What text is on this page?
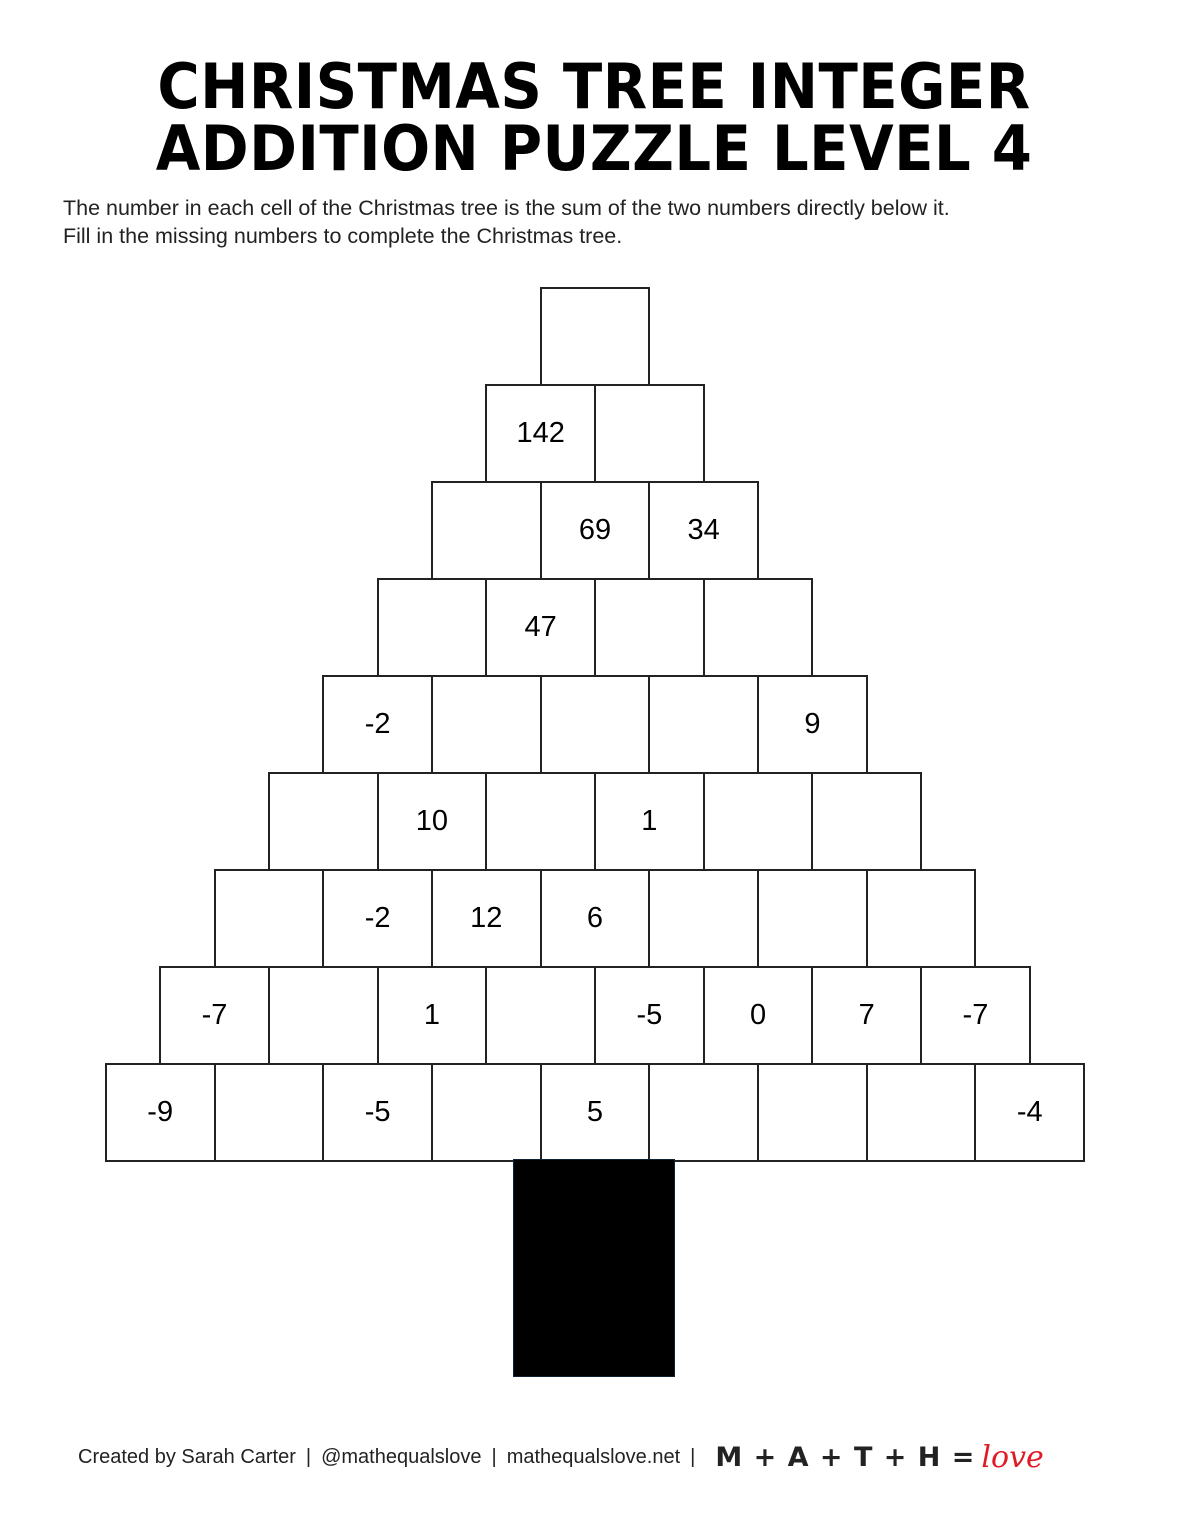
CHRISTMAS TREE INTEGER
ADDITION PUZZLE LEVEL 4
The number in each cell of the Christmas tree is the sum of the two numbers directly below it.
Fill in the missing numbers to complete the Christmas tree.
142
69	34
47
-2	9
10	1
-2	12	6
-7	1	-5	0	7	-7
-9	-5	5	-4
Created by Sarah Carter | @mathequalslove | mathequalslove.net | M + A + T + H = love
